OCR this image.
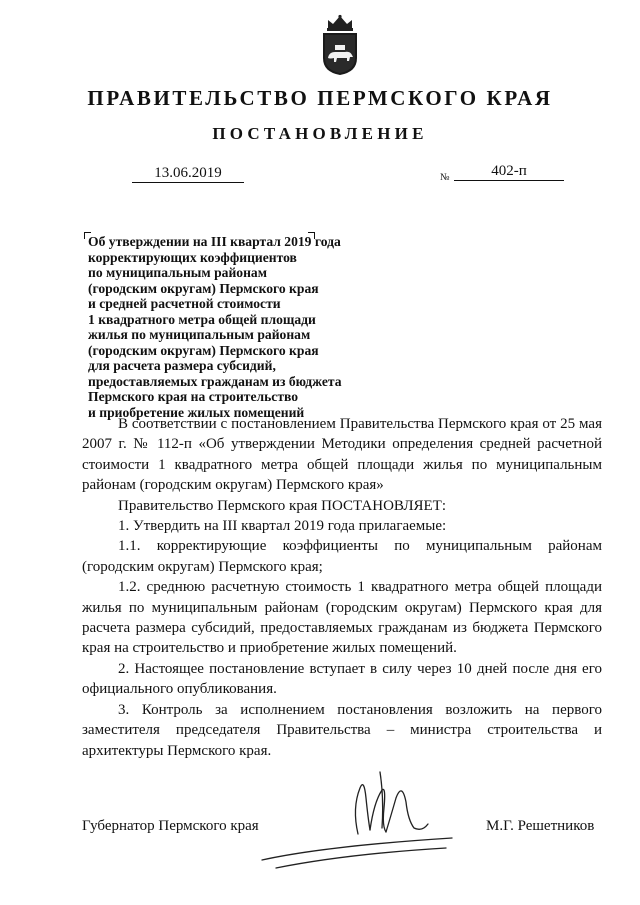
ПРАВИТЕЛЬСТВО ПЕРМСКОГО КРАЯ
ПОСТАНОВЛЕНИЕ
13.06.2019	№	402-п
Об утверждении на III квартал 2019 года
корректирующих коэффициентов
по муниципальным районам
(городским округам) Пермского края
и средней расчетной стоимости
1 квадратного метра общей площади
жилья по муниципальным районам
(городским округам) Пермского края
для расчета размера субсидий,
предоставляемых гражданам из бюджета
Пермского края на строительство
и приобретение жилых помещений

В соответствии с постановлением Правительства Пермского края от 25 мая 2007 г. № 112-п «Об утверждении Методики определения средней расчетной стоимости 1 квадратного метра общей площади жилья по муниципальным районам (городским округам) Пермского края»

Правительство Пермского края ПОСТАНОВЛЯЕТ:

1. Утвердить на III квартал 2019 года прилагаемые:

1.1. корректирующие коэффициенты по муниципальным районам (городским округам) Пермского края;

1.2. среднюю расчетную стоимость 1 квадратного метра общей площади жилья по муниципальным районам (городским округам) Пермского края для расчета размера субсидий, предоставляемых гражданам из бюджета Пермского края на строительство и приобретение жилых помещений.

2. Настоящее постановление вступает в силу через 10 дней после дня его официального опубликования.

3. Контроль за исполнением постановления возложить на первого заместителя председателя Правительства – министра строительства и архитектуры Пермского края.

Губернатор Пермского края	М.Г. Решетников
